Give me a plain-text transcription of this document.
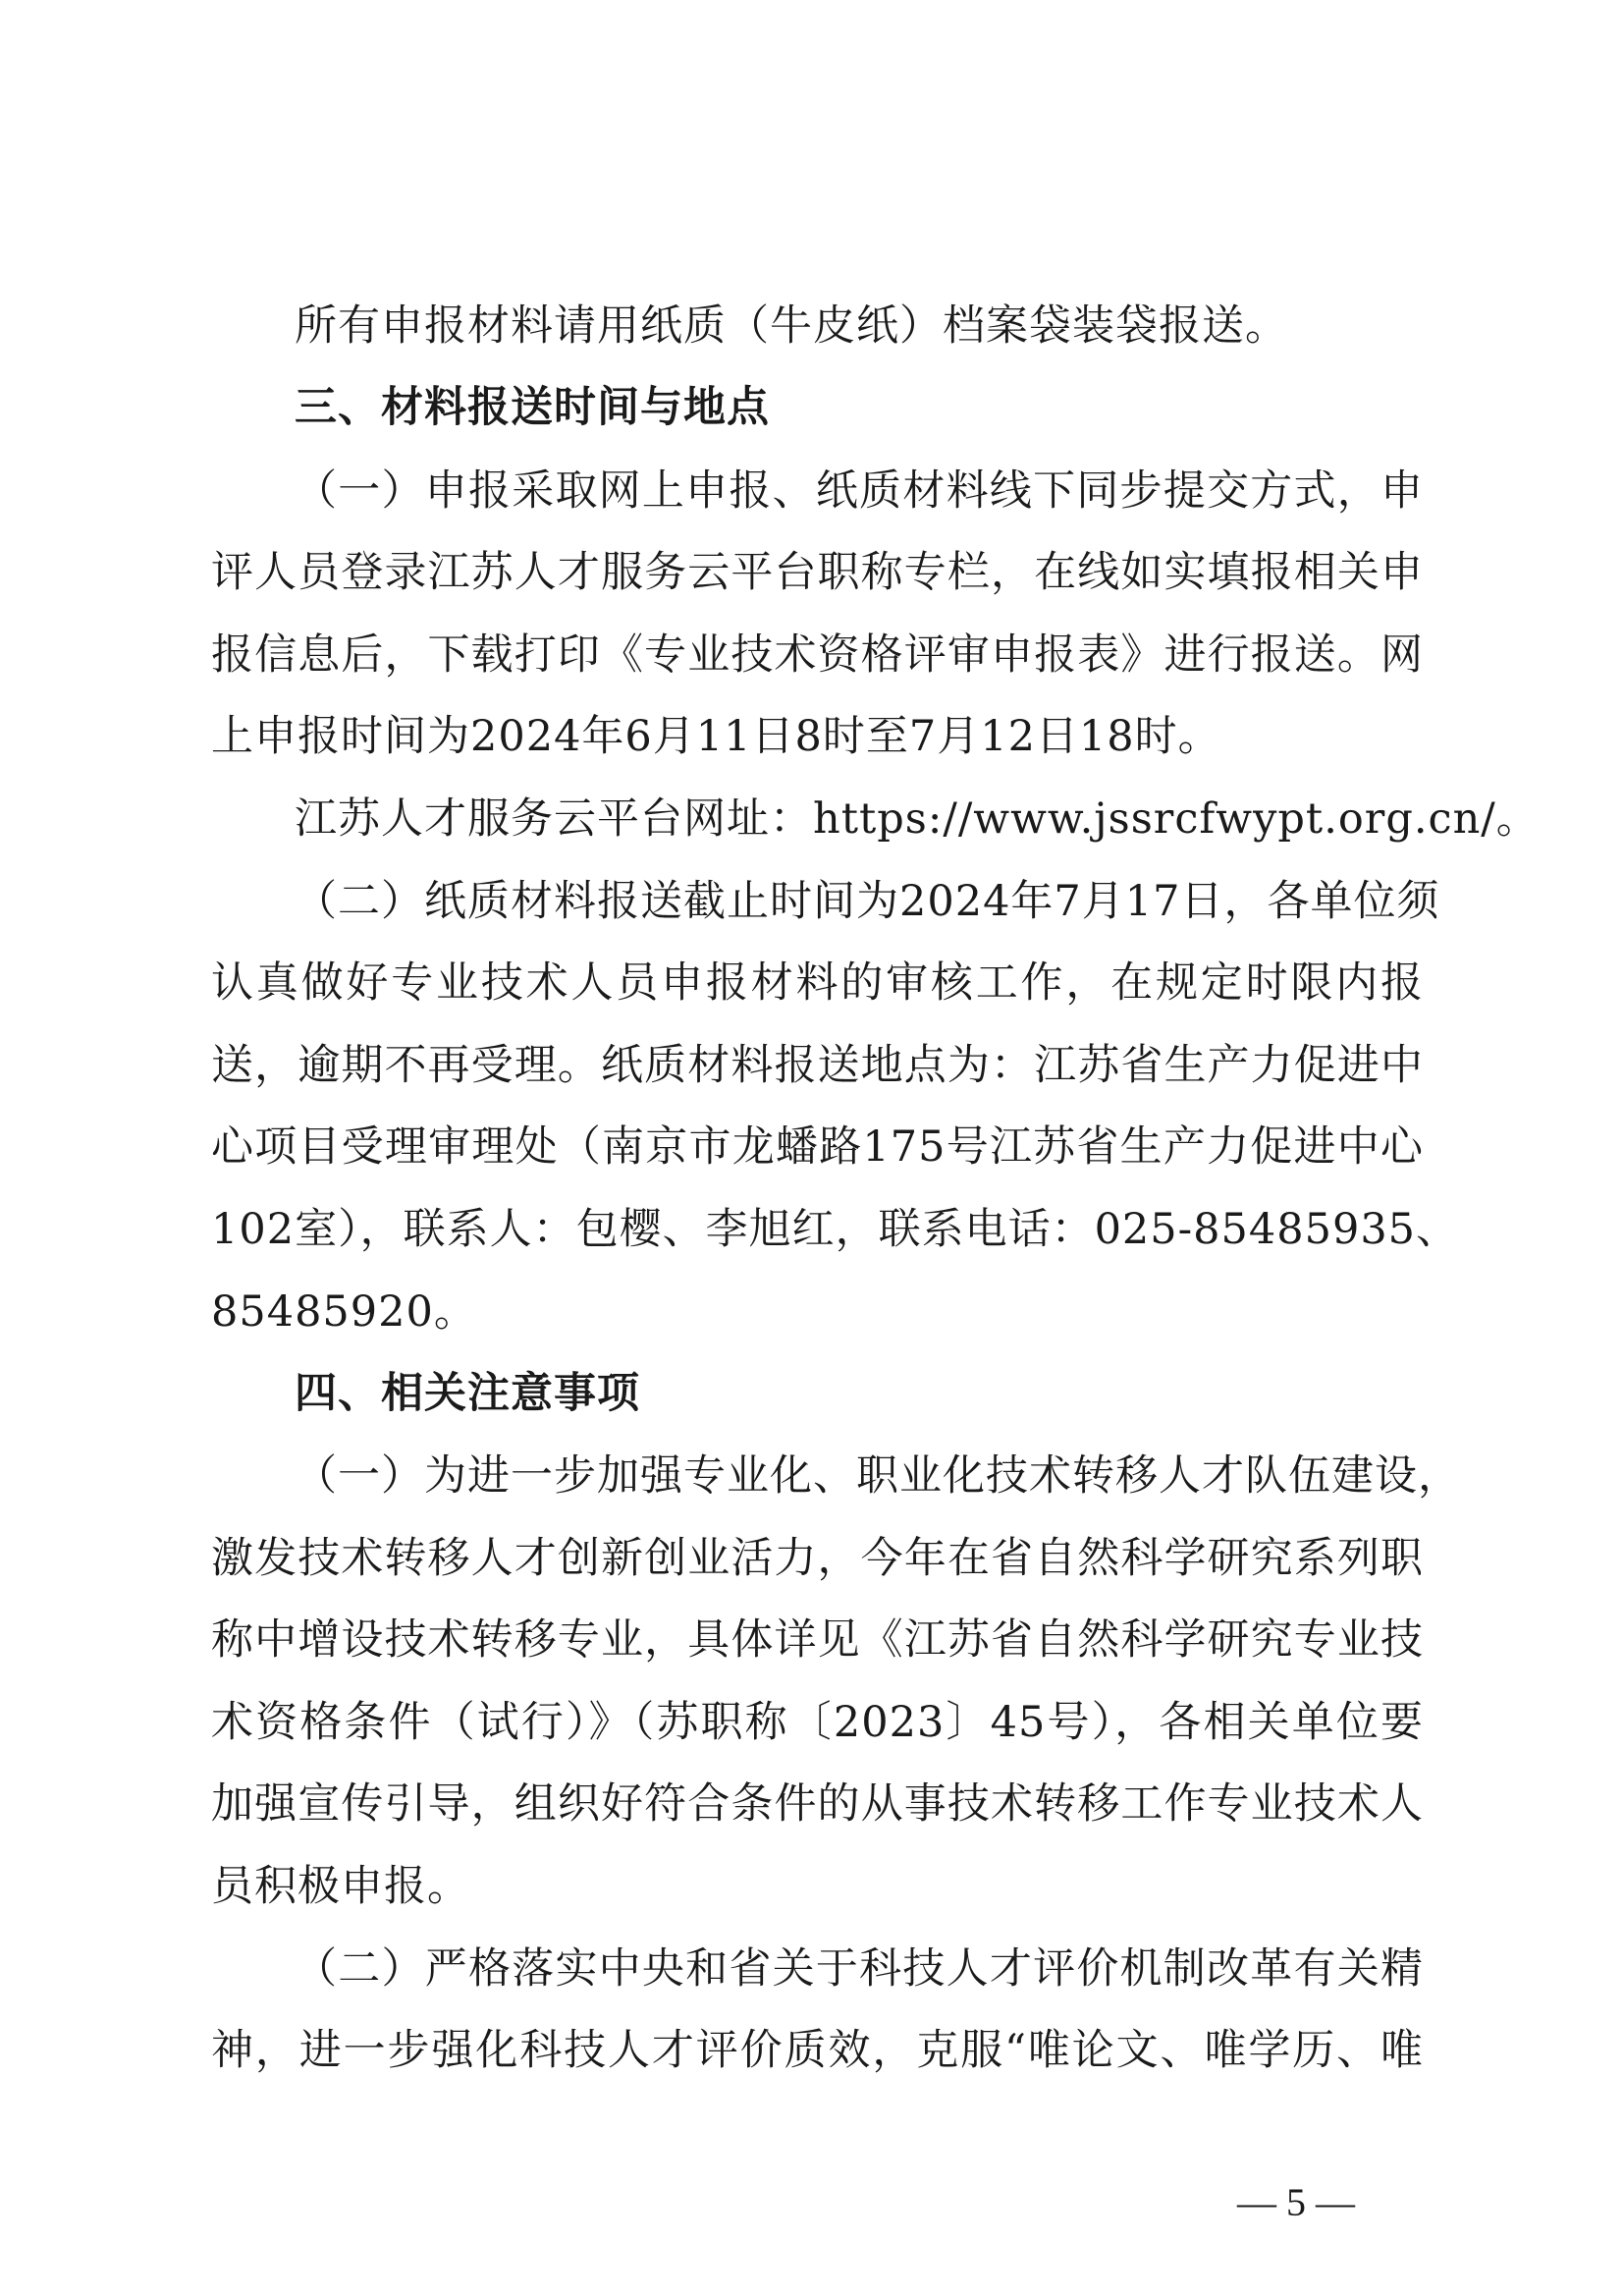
所有申报材料请用纸质（牛皮纸）档案袋装袋报送。
三、材料报送时间与地点
（一）申报采取网上申报、纸质材料线下同步提交方式，申
评人员登录江苏人才服务云平台职称专栏，在线如实填报相关申
报信息后，下载打印《专业技术资格评审申报表》进行报送。网
上申报时间为2024年6月11日8时至7月12日18时。
江苏人才服务云平台网址：https://www.jssrcfwypt.org.cn/。
（二）纸质材料报送截止时间为2024年7月17日，各单位须
认真做好专业技术人员申报材料的审核工作，在规定时限内报
送，逾期不再受理。纸质材料报送地点为：江苏省生产力促进中
心项目受理审理处（南京市龙蟠路175号江苏省生产力促进中心
102室），联系人：包樱、李旭红，联系电话：025-85485935、
85485920。
四、相关注意事项
（一）为进一步加强专业化、职业化技术转移人才队伍建设，
激发技术转移人才创新创业活力，今年在省自然科学研究系列职
称中增设技术转移专业，具体详见《江苏省自然科学研究专业技
术资格条件（试行）》（苏职称〔2023〕45号），各相关单位要
加强宣传引导，组织好符合条件的从事技术转移工作专业技术人
员积极申报。
（二）严格落实中央和省关于科技人才评价机制改革有关精
神，进一步强化科技人才评价质效，克服“唯论文、唯学历、唯
— 5 —
